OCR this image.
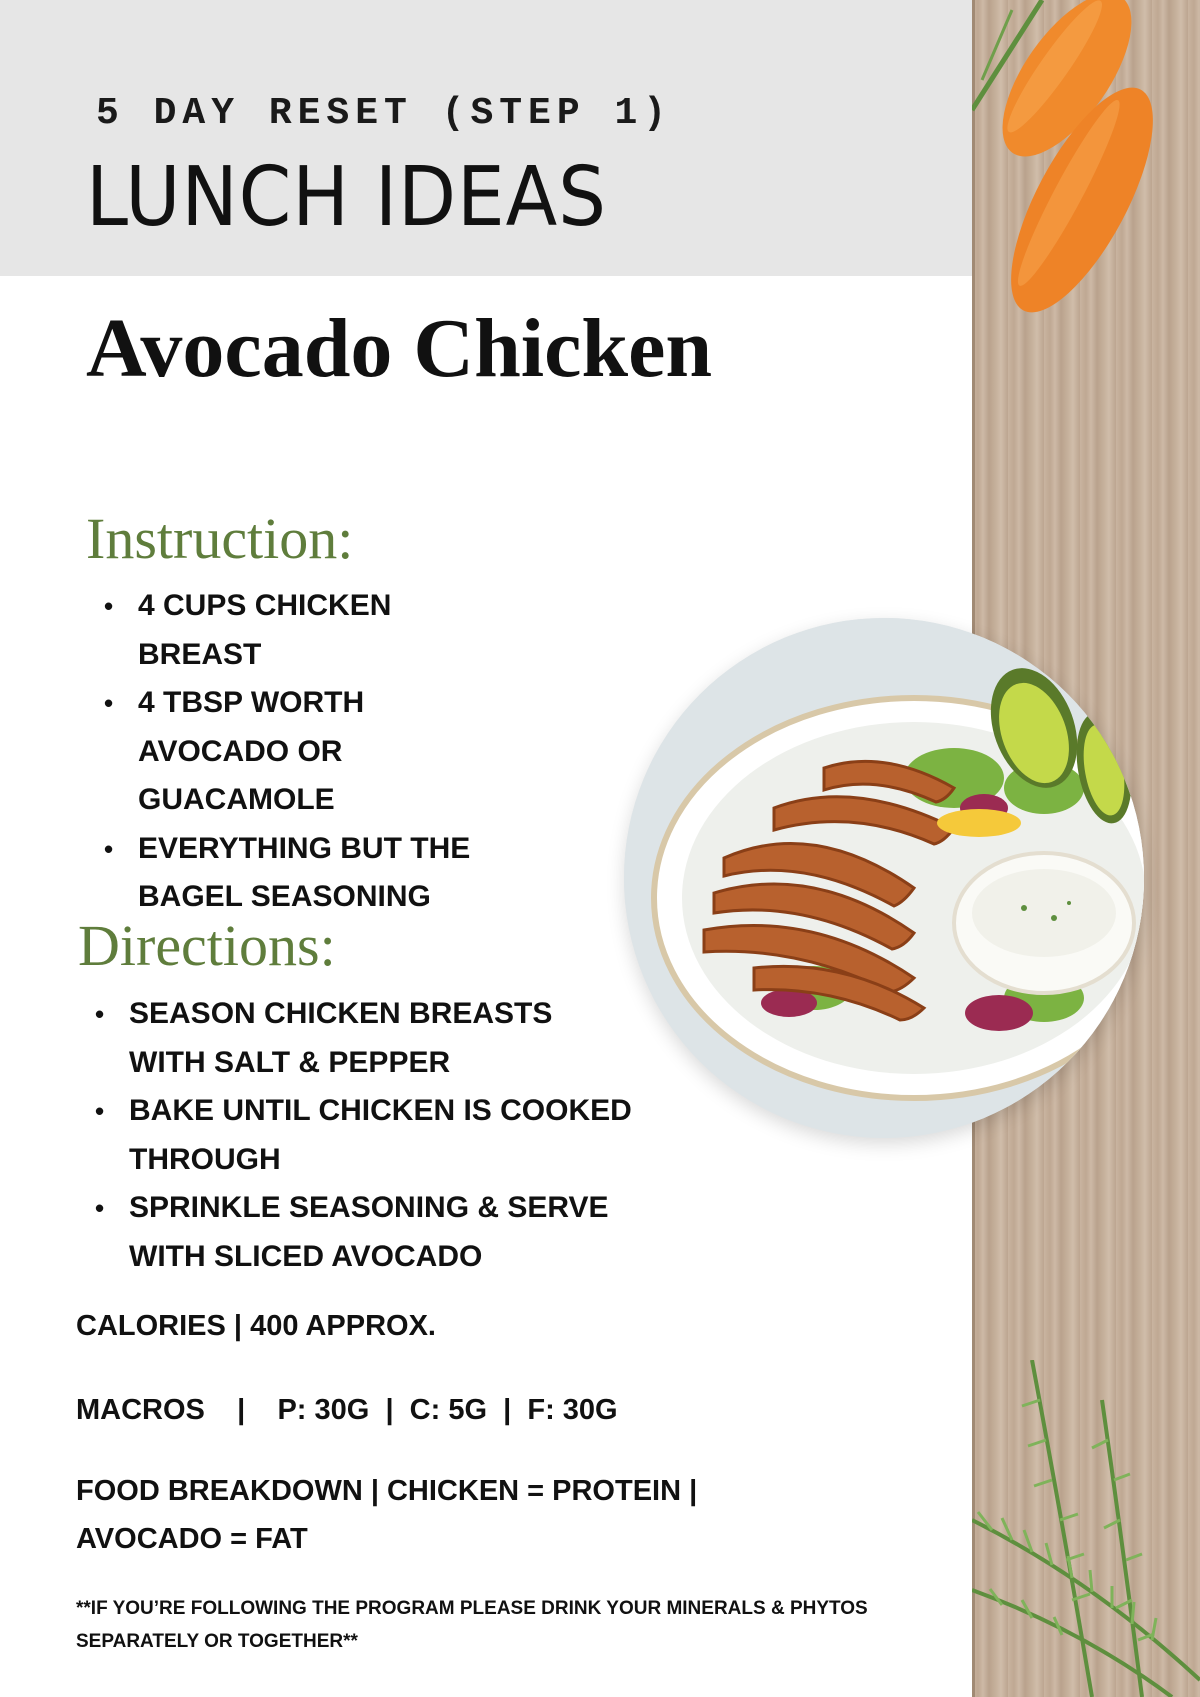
5 DAY RESET (STEP 1)
LUNCH IDEAS
Avocado Chicken
Instruction:
• 4 CUPS CHICKEN
BREAST
• 4 TBSP WORTH
AVOCADO OR
GUACAMOLE
• EVERYTHING BUT THE
BAGEL SEASONING
Directions:
• SEASON CHICKEN BREASTS
WITH SALT & PEPPER
• BAKE UNTIL CHICKEN IS COOKED
THROUGH
• SPRINKLE SEASONING & SERVE
WITH SLICED AVOCADO
CALORIES | 400 APPROX.
MACROS    |    P: 30G  |  C: 5G  |  F: 30G
FOOD BREAKDOWN | CHICKEN = PROTEIN |
AVOCADO = FAT
**IF YOU’RE FOLLOWING THE PROGRAM PLEASE DRINK YOUR MINERALS & PHYTOS
SEPARATELY OR TOGETHER**
